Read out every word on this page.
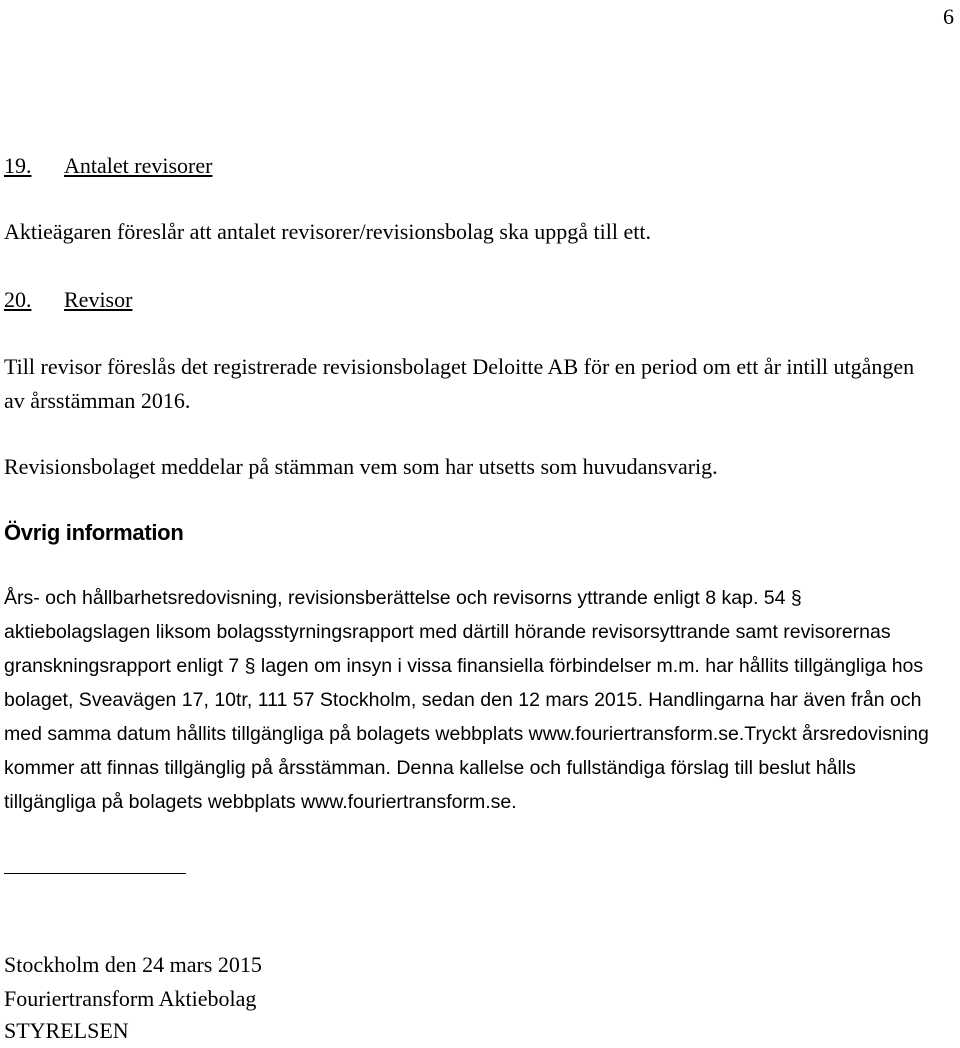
6
19. Antalet revisorer

Aktieägaren föreslår att antalet revisorer/revisionsbolag ska uppgå till ett.

20. Revisor

Till revisor föreslås det registrerade revisionsbolaget Deloitte AB för en period om ett år intill utgången av årsstämman 2016.

Revisionsbolaget meddelar på stämman vem som har utsetts som huvudansvarig.

Övrig information

Års- och hållbarhetsredovisning, revisionsberättelse och revisorns yttrande enligt 8 kap. 54 § aktiebolagslagen liksom bolagsstyrningsrapport med därtill hörande revisorsyttrande samt revisorernas granskningsrapport enligt 7 § lagen om insyn i vissa finansiella förbindelser m.m. har hållits tillgängliga hos bolaget, Sveavägen 17, 10tr, 111 57 Stockholm, sedan den 12 mars 2015. Handlingarna har även från och med samma datum hållits tillgängliga på bolagets webbplats www.fouriertransform.se.Tryckt årsredovisning kommer att finnas tillgänglig på årsstämman. Denna kallelse och fullständiga förslag till beslut hålls tillgängliga på bolagets webbplats www.fouriertransform.se.

Stockholm den 24 mars 2015
Fouriertransform Aktiebolag
STYRELSEN
